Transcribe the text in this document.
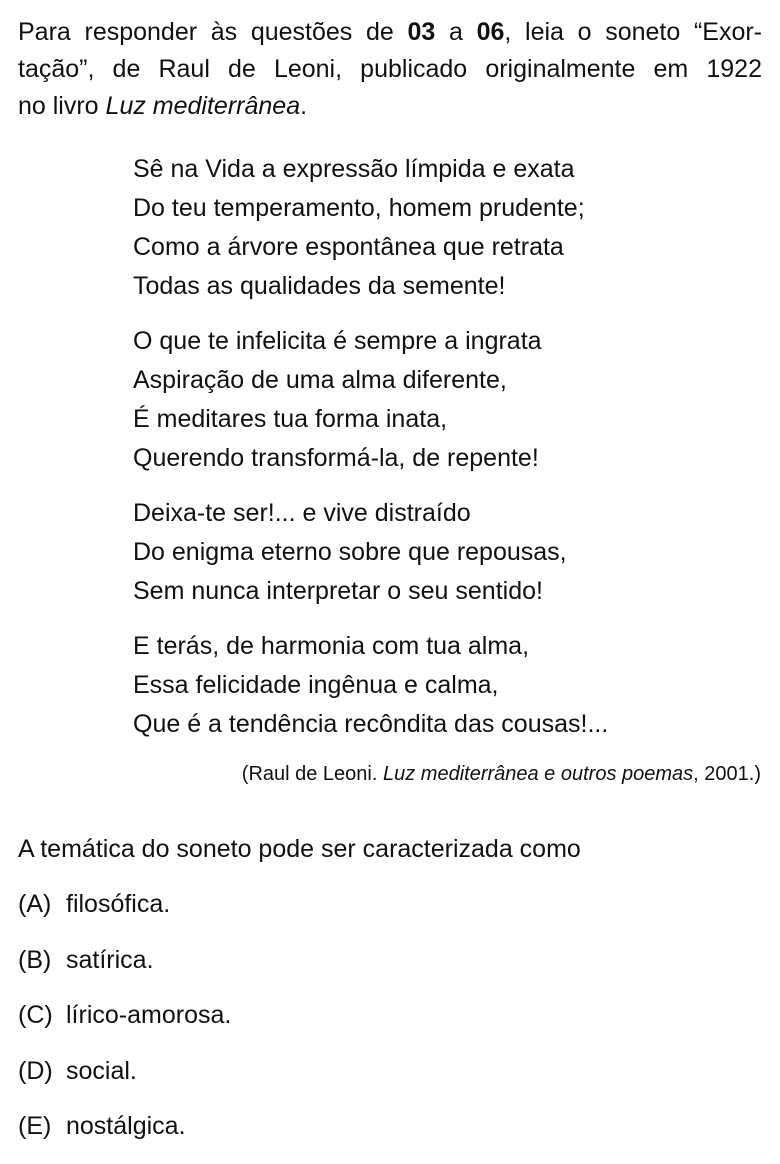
Para responder às questões de 03 a 06, leia o soneto “Exor-
tação”, de Raul de Leoni, publicado originalmente em 1922
no livro Luz mediterrânea.
Sê na Vida a expressão límpida e exata
Do teu temperamento, homem prudente;
Como a árvore espontânea que retrata
Todas as qualidades da semente!
O que te infelicita é sempre a ingrata
Aspiração de uma alma diferente,
É meditares tua forma inata,
Querendo transformá-la, de repente!
Deixa-te ser!... e vive distraído
Do enigma eterno sobre que repousas,
Sem nunca interpretar o seu sentido!
E terás, de harmonia com tua alma,
Essa felicidade ingênua e calma,
Que é a tendência recôndita das cousas!...
(Raul de Leoni. Luz mediterrânea e outros poemas, 2001.)
A temática do soneto pode ser caracterizada como
(A) filosófica.
(B) satírica.
(C) lírico-amorosa.
(D) social.
(E) nostálgica.
